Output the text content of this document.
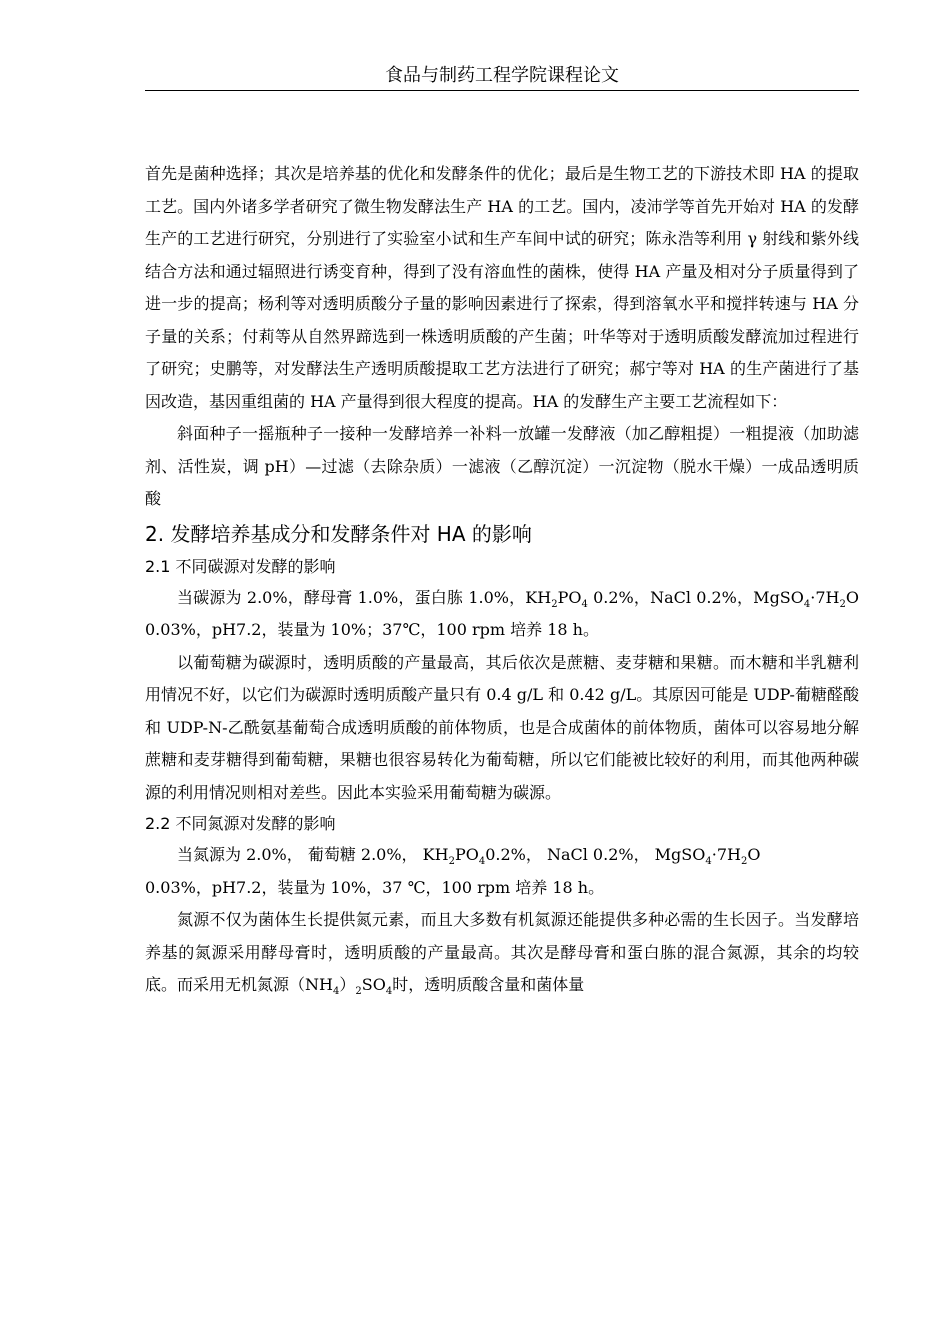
食品与制药工程学院课程论文

首先是菌种选择；其次是培养基的优化和发酵条件的优化；最后是生物工艺的下游技术即 HA 的提取工艺。国内外诸多学者研究了微生物发酵法生产 HA 的工艺。国内，凌沛学等首先开始对 HA 的发酵生产的工艺进行研究，分别进行了实验室小试和生产车间中试的研究；陈永浩等利用 γ 射线和紫外线结合方法和通过辐照进行诱变育种，得到了没有溶血性的菌株，使得 HA 产量及相对分子质量得到了进一步的提高；杨利等对透明质酸分子量的影响因素进行了探索，得到溶氧水平和搅拌转速与 HA 分子量的关系；付莉等从自然界蹄选到一株透明质酸的产生菌；叶华等对于透明质酸发酵流加过程进行了研究；史鹏等，对发酵法生产透明质酸提取工艺方法进行了研究；郝宁等对 HA 的生产菌进行了基因改造，基因重组菌的 HA 产量得到很大程度的提高。HA 的发酵生产主要工艺流程如下：

斜面种子一摇瓶种子一接种一发酵培养一补料一放罐一发酵液（加乙醇粗提）一粗提液（加助滤剂、活性炭，调 pH）—过滤（去除杂质）一滤液（乙醇沉淀）一沉淀物（脱水干燥）一成品透明质酸

2. 发酵培养基成分和发酵条件对 HA 的影响
2.1 不同碳源对发酵的影响

当碳源为 2.0%，酵母膏 1.0%，蛋白胨 1.0%，$KH_2PO_4$ 0.2%，NaCl 0.2%，$MgSO_4\cdot 7H_2O$ 0.03%，pH7.2，装量为 10%；37℃，100 rpm 培养 18 h。

以葡萄糖为碳源时，透明质酸的产量最高，其后依次是蔗糖、麦芽糖和果糖。而木糖和半乳糖利用情况不好，以它们为碳源时透明质酸产量只有 0.4 g/L 和 0.42 g/L。其原因可能是 UDP-葡糖醛酸和 UDP-N-乙酰氨基葡萄合成透明质酸的前体物质，也是合成菌体的前体物质，菌体可以容易地分解蔗糖和麦芽糖得到葡萄糖，果糖也很容易转化为葡萄糖，所以它们能被比较好的利用，而其他两种碳源的利用情况则相对差些。因此本实验采用葡萄糖为碳源。

2.2 不同氮源对发酵的影响

当氮源为 2.0%， 葡萄糖 2.0%， $KH_2PO_40.2\%$， NaCl 0.2%， $MgSO_4\cdot 7H_2O$

0.03%，pH7.2，装量为 10%，37 ℃，100 rpm 培养 18 h。

氮源不仅为菌体生长提供氮元素，而且大多数有机氮源还能提供多种必需的生长因子。当发酵培养基的氮源采用酵母膏时，透明质酸的产量最高。其次是酵母膏和蛋白胨的混合氮源，其余的均较底。而采用无机氮源$(NH_4)_2SO_4$时，透明质酸含量和菌体量
